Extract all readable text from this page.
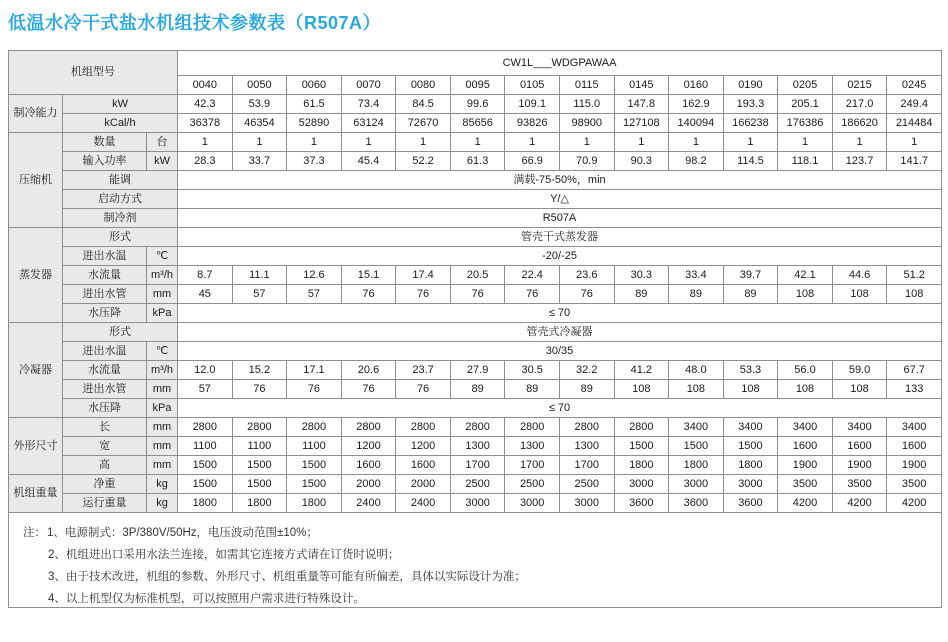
低温水冷干式盐水机组技术参数表（R507A）
机组型号			CW1L___WDGPAWAA													
			0040	0050	0060	0070	0080	0095	0105	0115	0145	0160	0190	0205	0215	0245
制冷能力	kW		42.3	53.9	61.5	73.4	84.5	99.6	109.1	115.0	147.8	162.9	193.3	205.1	217.0	249.4
	kCal/h		36378	46354	52890	63124	72670	85656	93826	98900	127108	140094	166238	176386	186620	214484
压缩机	数量	台	1	1	1	1	1	1	1	1	1	1	1	1	1	1
	输入功率	kW	28.3	33.7	37.3	45.4	52.2	61.3	66.9	70.9	90.3	98.2	114.5	118.1	123.7	141.7
	能调		满载-75-50%，min													
	启动方式		Y/△													
	制冷剂		R507A													
蒸发器	形式		管壳干式蒸发器													
	进出水温	℃	-20/-25													
	水流量	m³/h	8.7	11.1	12.6	15.1	17.4	20.5	22.4	23.6	30.3	33.4	39.7	42.1	44.6	51.2
	进出水管	mm	45	57	57	76	76	76	76	76	89	89	89	108	108	108
	水压降	kPa	≤ 70													
冷凝器	形式		管壳式冷凝器													
	进出水温	℃	30/35													
	水流量	m³/h	12.0	15.2	17.1	20.6	23.7	27.9	30.5	32.2	41.2	48.0	53.3	56.0	59.0	67.7
	进出水管	mm	57	76	76	76	76	89	89	89	108	108	108	108	108	133
	水压降	kPa	≤ 70													
外形尺寸	长	mm	2800	2800	2800	2800	2800	2800	2800	2800	2800	3400	3400	3400	3400	3400
	宽	mm	1100	1100	1100	1200	1200	1300	1300	1300	1500	1500	1500	1600	1600	1600
	高	mm	1500	1500	1500	1600	1600	1700	1700	1700	1800	1800	1800	1900	1900	1900
机组重量	净重	kg	1500	1500	1500	2000	2000	2500	2500	2500	3000	3000	3000	3500	3500	3500
	运行重量	kg	1800	1800	1800	2400	2400	3000	3000	3000	3600	3600	3600	4200	4200	4200
注：1、电源制式：3P/380V/50Hz，电压波动范围±10%；
2、机组进出口采用水法兰连接，如需其它连接方式请在订货时说明；
3、由于技术改进，机组的参数、外形尺寸、机组重量等可能有所偏差，具体以实际设计为准；
4、以上机型仅为标准机型，可以按照用户需求进行特殊设计。
